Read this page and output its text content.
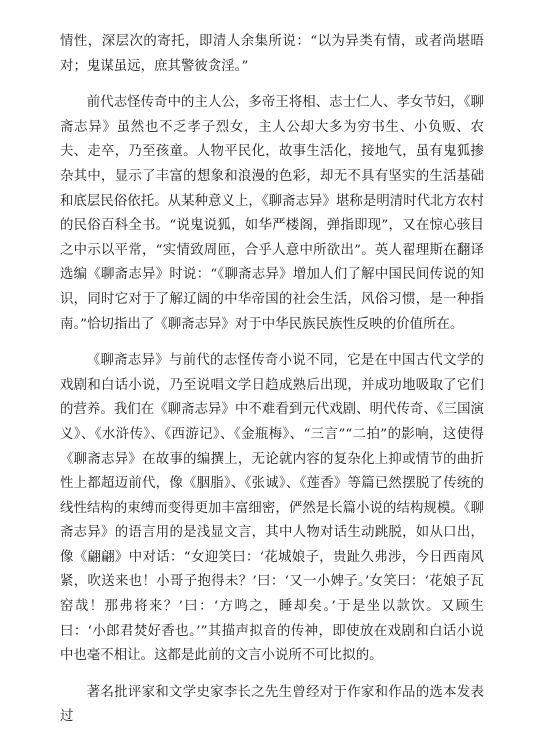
情性，深层次的寄托，即清人余集所说：“以为异类有情，或者尚堪晤对；鬼谋虽远，庶其警彼贪淫。”

前代志怪传奇中的主人公，多帝王将相、志士仁人、孝女节妇，《聊斋志异》虽然也不乏孝子烈女，主人公却大多为穷书生、小负贩、农夫、走卒，乃至孩童。人物平民化，故事生活化，接地气，虽有鬼狐掺杂其中，显示了丰富的想象和浪漫的色彩，却无不具有坚实的生活基础和底层民俗依托。从某种意义上，《聊斋志异》堪称是明清时代北方农村的民俗百科全书。“说鬼说狐，如华严楼阁，弹指即现”，又在惊心骇目之中示以平常，“实情致周匝，合乎人意中所欲出”。英人翟理斯在翻译选编《聊斋志异》时说：“《聊斋志异》增加人们了解中国民间传说的知识，同时它对于了解辽阔的中华帝国的社会生活，风俗习惯，是一种指南。”恰切指出了《聊斋志异》对于中华民族民族性反映的价值所在。

《聊斋志异》与前代的志怪传奇小说不同，它是在中国古代文学的戏剧和白话小说，乃至说唱文学日趋成熟后出现，并成功地吸取了它们的营养。我们在《聊斋志异》中不难看到元代戏剧、明代传奇、《三国演义》、《水浒传》、《西游记》、《金瓶梅》、“三言”“二拍”的影响，这使得《聊斋志异》在故事的编撰上，无论就内容的复杂化上抑或情节的曲折性上都超迈前代，像《胭脂》、《张诚》、《莲香》等篇已然摆脱了传统的线性结构的束缚而变得更加丰富细密，俨然是长篇小说的结构规模。《聊斋志异》的语言用的是浅显文言，其中人物对话生动跳脱，如从口出，像《翩翩》中对话：“女迎笑曰：‘花城娘子，贵趾久弗涉，今日西南风紧，吹送来也！小哥子抱得未？’曰：‘又一小婢子。’女笑曰：‘花娘子瓦窑哉！那弗将来？’曰：‘方鸣之，睡却矣。’于是坐以款饮。又顾生曰：‘小郎君焚好香也。’”其描声拟音的传神，即使放在戏剧和白话小说中也毫不相让。这都是此前的文言小说所不可比拟的。

著名批评家和文学史家李长之先生曾经对于作家和作品的选本发表过
